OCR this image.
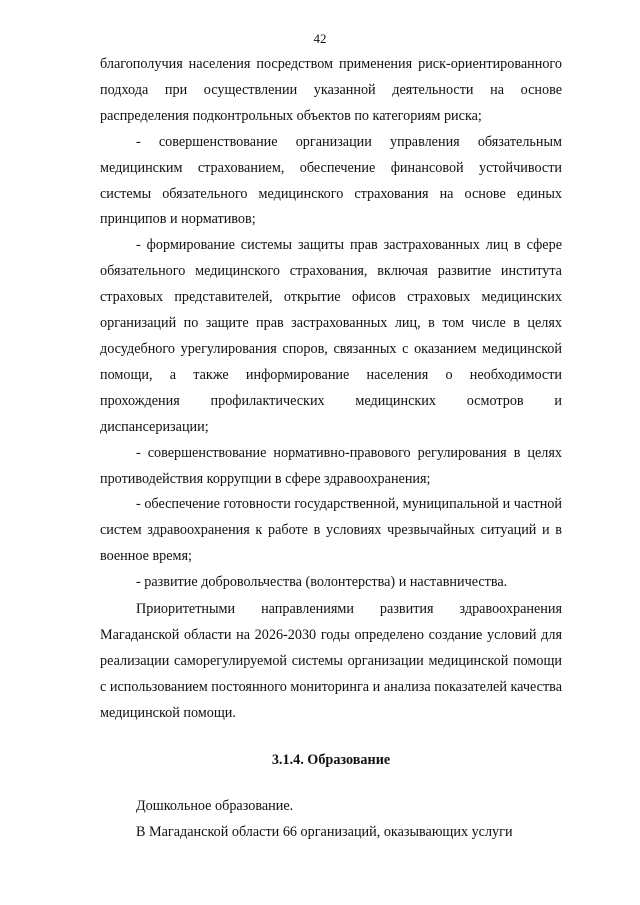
42

благополучия населения посредством применения риск-ориентированного подхода при осуществлении указанной деятельности на основе распределения подконтрольных объектов по категориям риска;

- совершенствование организации управления обязательным медицинским страхованием, обеспечение финансовой устойчивости системы обязательного медицинского страхования на основе единых принципов и нормативов;

- формирование системы защиты прав застрахованных лиц в сфере обязательного медицинского страхования, включая развитие института страховых представителей, открытие офисов страховых медицинских организаций по защите прав застрахованных лиц, в том числе в целях досудебного урегулирования споров, связанных с оказанием медицинской помощи, а также информирование населения о необходимости прохождения профилактических медицинских осмотров и диспансеризации;

- совершенствование нормативно-правового регулирования в целях противодействия коррупции в сфере здравоохранения;

- обеспечение готовности государственной, муниципальной и частной систем здравоохранения к работе в условиях чрезвычайных ситуаций и в военное время;

- развитие добровольчества (волонтерства) и наставничества.

Приоритетными направлениями развития здравоохранения Магаданской области на 2026-2030 годы определено создание условий для реализации саморегулируемой системы организации медицинской помощи с использованием постоянного мониторинга и анализа показателей качества медицинской помощи.

3.1.4. Образование

Дошкольное образование.

В Магаданской области 66 организаций, оказывающих услуги
